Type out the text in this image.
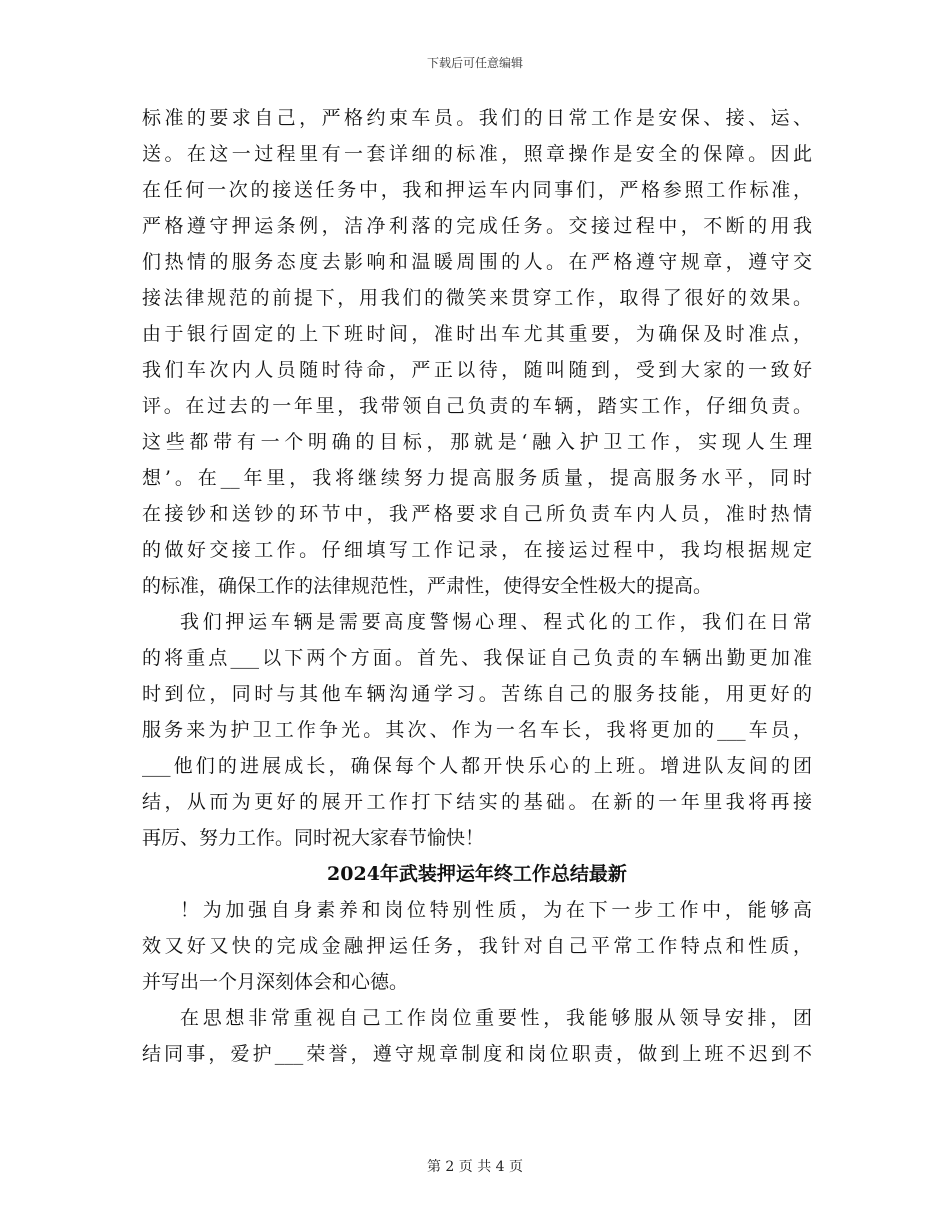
下载后可任意编辑
标准的要求自己，严格约束车员。我们的日常工作是安保、接、运、
送。在这一过程里有一套详细的标准，照章操作是安全的保障。因此
在任何一次的接送任务中，我和押运车内同事们，严格参照工作标准，
严格遵守押运条例，洁净利落的完成任务。交接过程中，不断的用我
们热情的服务态度去影响和温暖周围的人。在严格遵守规章，遵守交
接法律规范的前提下，用我们的微笑来贯穿工作，取得了很好的效果。
由于银行固定的上下班时间，准时出车尤其重要，为确保及时准点，
我们车次内人员随时待命，严正以待，随叫随到，受到大家的一致好
评。在过去的一年里，我带领自己负责的车辆，踏实工作，仔细负责。
这些都带有一个明确的目标，那就是‘融入护卫工作，实现人生理
想’。在__年里，我将继续努力提高服务质量，提高服务水平，同时
在接钞和送钞的环节中，我严格要求自己所负责车内人员，准时热情
的做好交接工作。仔细填写工作记录，在接运过程中，我均根据规定
的标准，确保工作的法律规范性，严肃性，使得安全性极大的提高。
我们押运车辆是需要高度警惕心理、程式化的工作，我们在日常
的将重点___以下两个方面。首先、我保证自己负责的车辆出勤更加准
时到位，同时与其他车辆沟通学习。苦练自己的服务技能，用更好的
服务来为护卫工作争光。其次、作为一名车长，我将更加的___车员，
___他们的进展成长，确保每个人都开快乐心的上班。增进队友间的团
结，从而为更好的展开工作打下结实的基础。在新的一年里我将再接
再厉、努力工作。同时祝大家春节愉快！
2024年武装押运年终工作总结最新
！为加强自身素养和岗位特别性质，为在下一步工作中，能够高
效又好又快的完成金融押运任务，我针对自己平常工作特点和性质，
并写出一个月深刻体会和心德。
在思想非常重视自己工作岗位重要性，我能够服从领导安排，团
结同事，爱护___荣誉，遵守规章制度和岗位职责，做到上班不迟到不
第 2 页 共 4 页
